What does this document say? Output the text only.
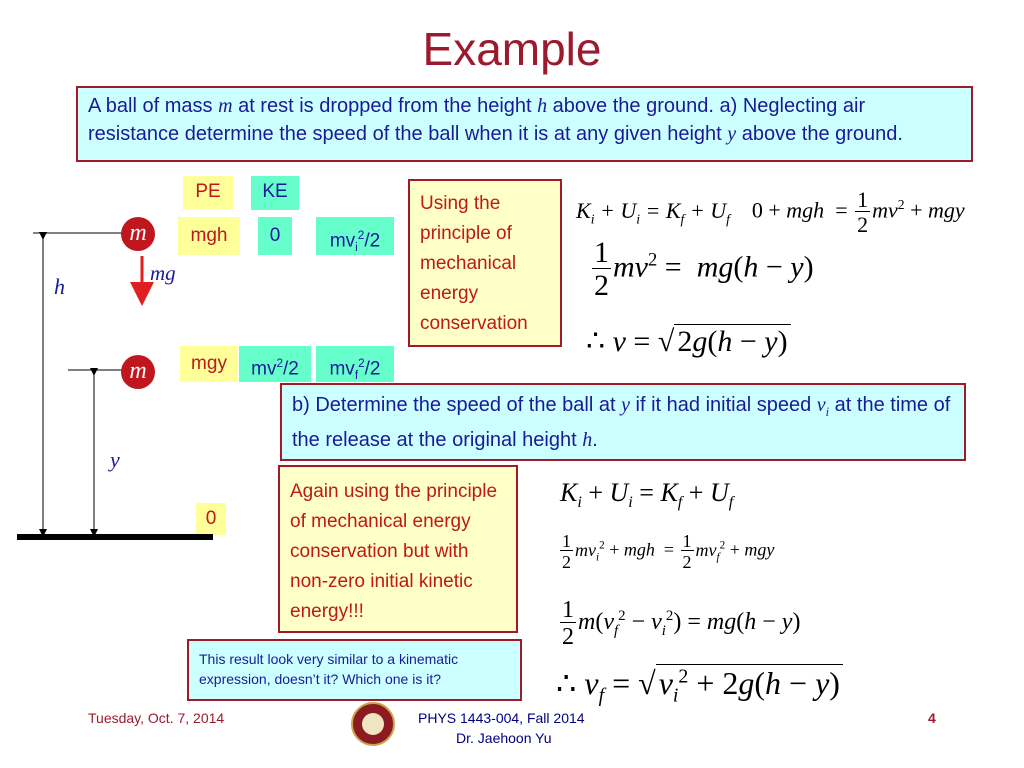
Example
A ball of mass m at rest is dropped from the height h above the ground. a) Neglecting air resistance determine the speed of the ball when it is at any given height y above the ground.
PE	KE
mgh	0	$mv_i^2/2$
mgy	$mv^2/2$	$mv_f^2/2$
0
m
m
mg
h
y
Using the principle of mechanical energy conservation
$K_i + U_i = K_f + U_f$    0 + mgh  = $\frac{1}{2} mv^2$ + mgy
$\frac{1}{2} mv^2 = mg(h - y)$
∴ v = √ 2g(h − y)
b) Determine the speed of the ball at y if it had initial speed $v_i$ at the time of the release at the original height h.
Again using the principle of mechanical energy conservation but with non-zero initial kinetic energy!!!
$K_i + U_i = K_f + U_f$
$\frac{1}{2} mv_i^2$ + mgh  = $\frac{1}{2} mv_f^2$ + mgy
$\frac{1}{2} m(v_f^2 - v_i^2) = mg(h - y)$
∴ $v_f = √v_i^2 + 2g(h - y)$
This result look very similar to a kinematic expression, doesn’t it? Which one is it?
Tuesday, Oct. 7, 2014	PHYS 1443-004, Fall 2014
Dr. Jaehoon Yu
4
